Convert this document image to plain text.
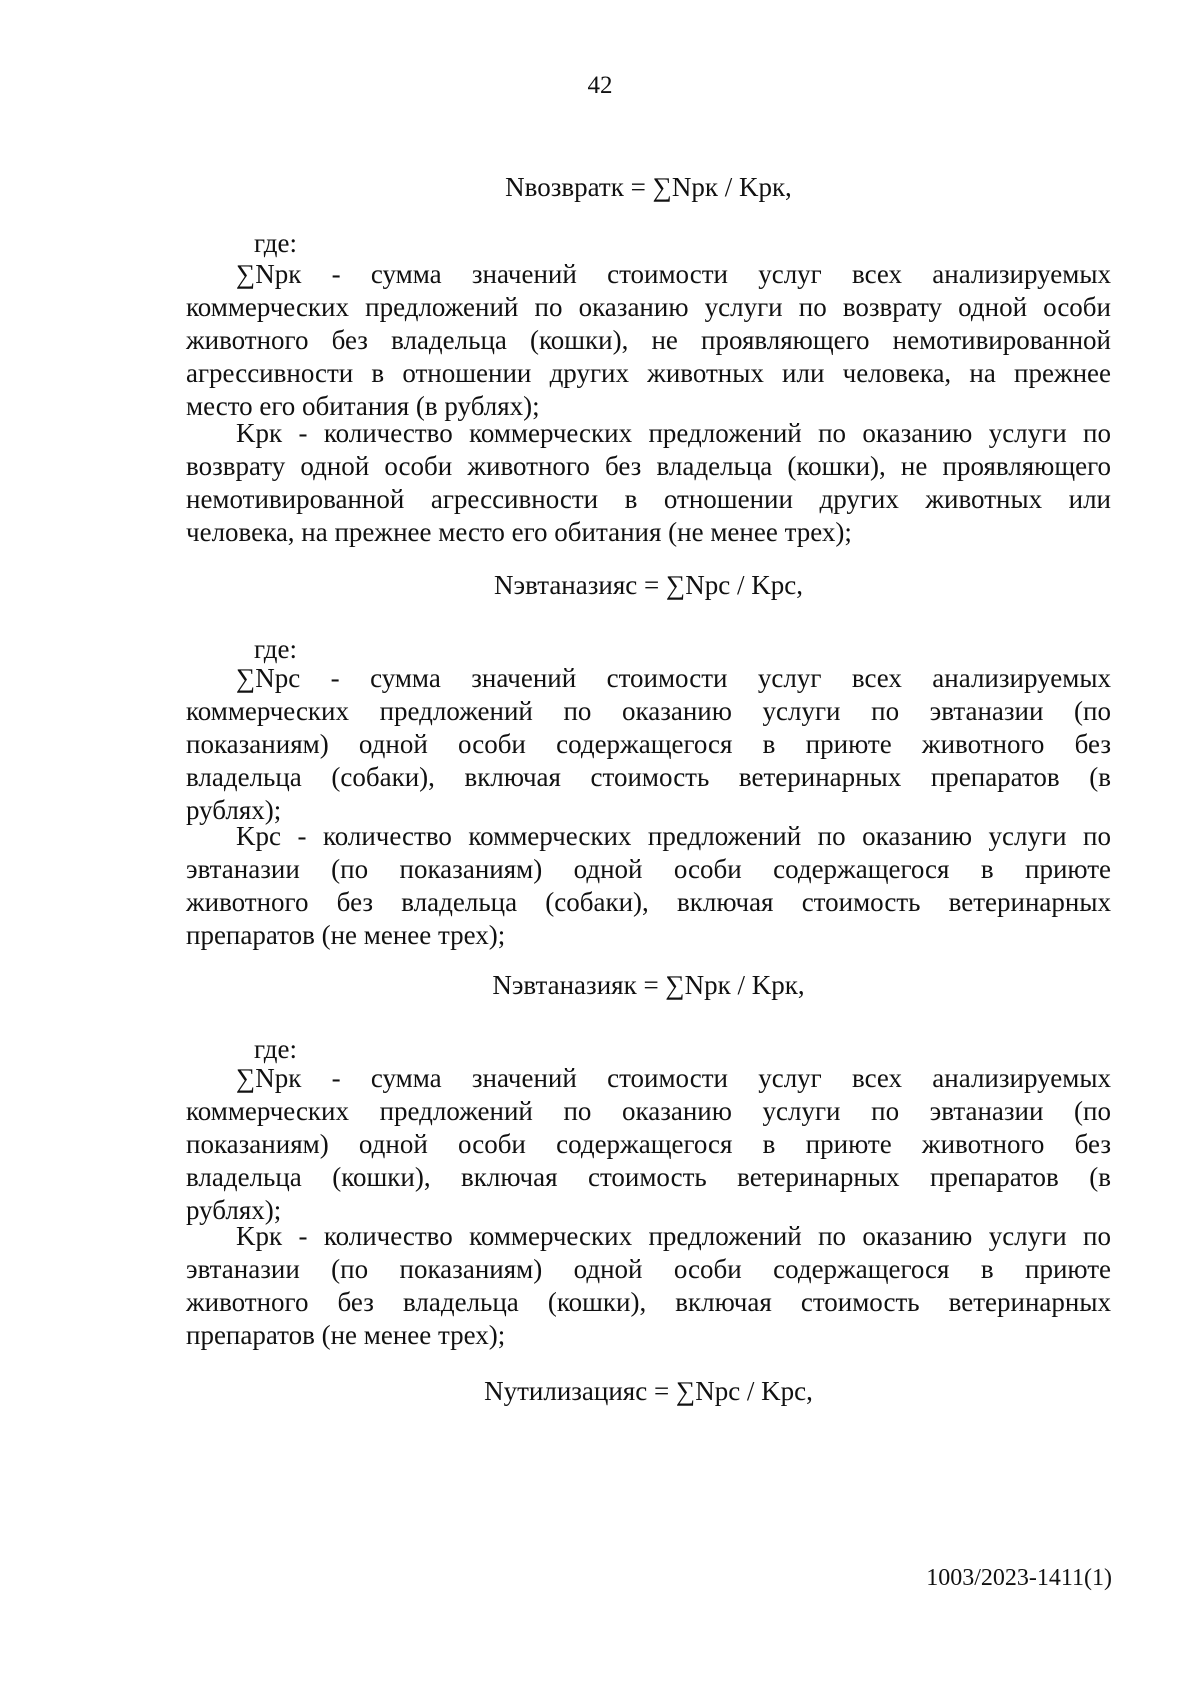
42
Nвозвратк = ∑Npк / Kpк,
где:
∑Npк - сумма значений стоимости услуг всех анализируемых
коммерческих предложений по оказанию услуги по возврату одной особи
животного без владельца (кошки), не проявляющего немотивированной
агрессивности в отношении других животных или человека, на прежнее
место его обитания (в рублях);
Kpк - количество коммерческих предложений по оказанию услуги по
возврату одной особи животного без владельца (кошки), не проявляющего
немотивированной агрессивности в отношении других животных или
человека, на прежнее место его обитания (не менее трех);
Nэвтаназияс = ∑Npс / Kpс,
где:
∑Npс - сумма значений стоимости услуг всех анализируемых
коммерческих предложений по оказанию услуги по эвтаназии (по
показаниям) одной особи содержащегося в приюте животного без
владельца (собаки), включая стоимость ветеринарных препаратов (в
рублях);
Kpс - количество коммерческих предложений по оказанию услуги по
эвтаназии (по показаниям) одной особи содержащегося в приюте
животного без владельца (собаки), включая стоимость ветеринарных
препаратов (не менее трех);
Nэвтаназияк = ∑Npк / Kpк,
где:
∑Npк - сумма значений стоимости услуг всех анализируемых
коммерческих предложений по оказанию услуги по эвтаназии (по
показаниям) одной особи содержащегося в приюте животного без
владельца (кошки), включая стоимость ветеринарных препаратов (в
рублях);
Kpк - количество коммерческих предложений по оказанию услуги по
эвтаназии (по показаниям) одной особи содержащегося в приюте
животного без владельца (кошки), включая стоимость ветеринарных
препаратов (не менее трех);
Nутилизацияс = ∑Npс / Kpс,
1003/2023-1411(1)
